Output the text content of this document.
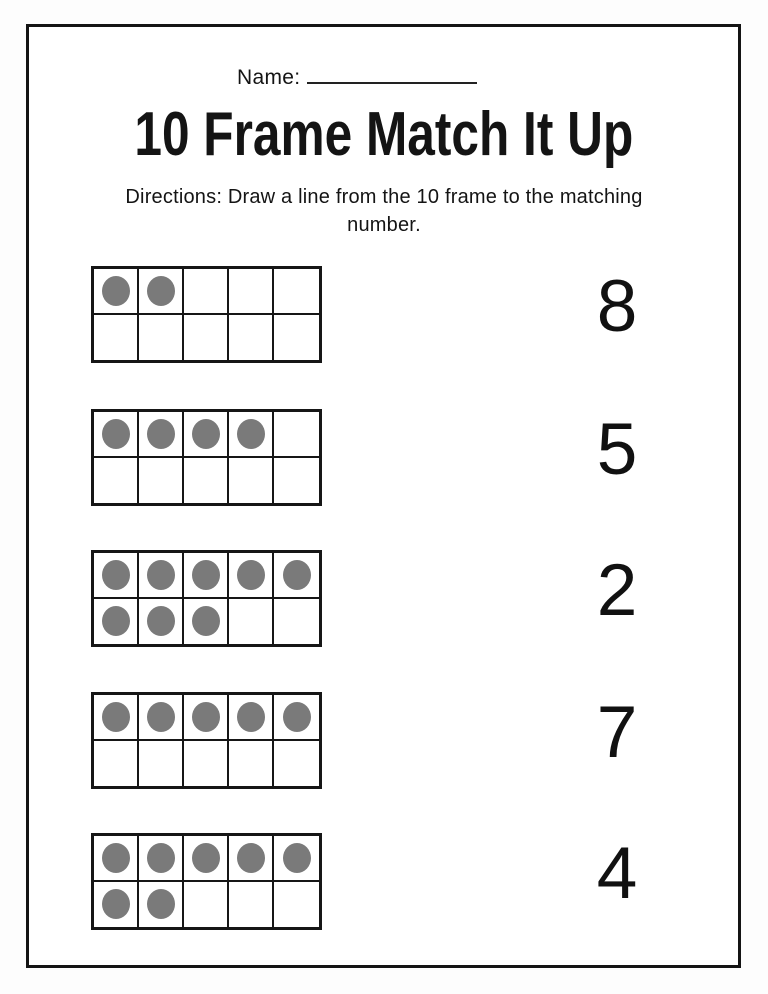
Name:
10 Frame Match It Up
Directions: Draw a line from the 10 frame to the matching
number.
8
5
2
7
4
